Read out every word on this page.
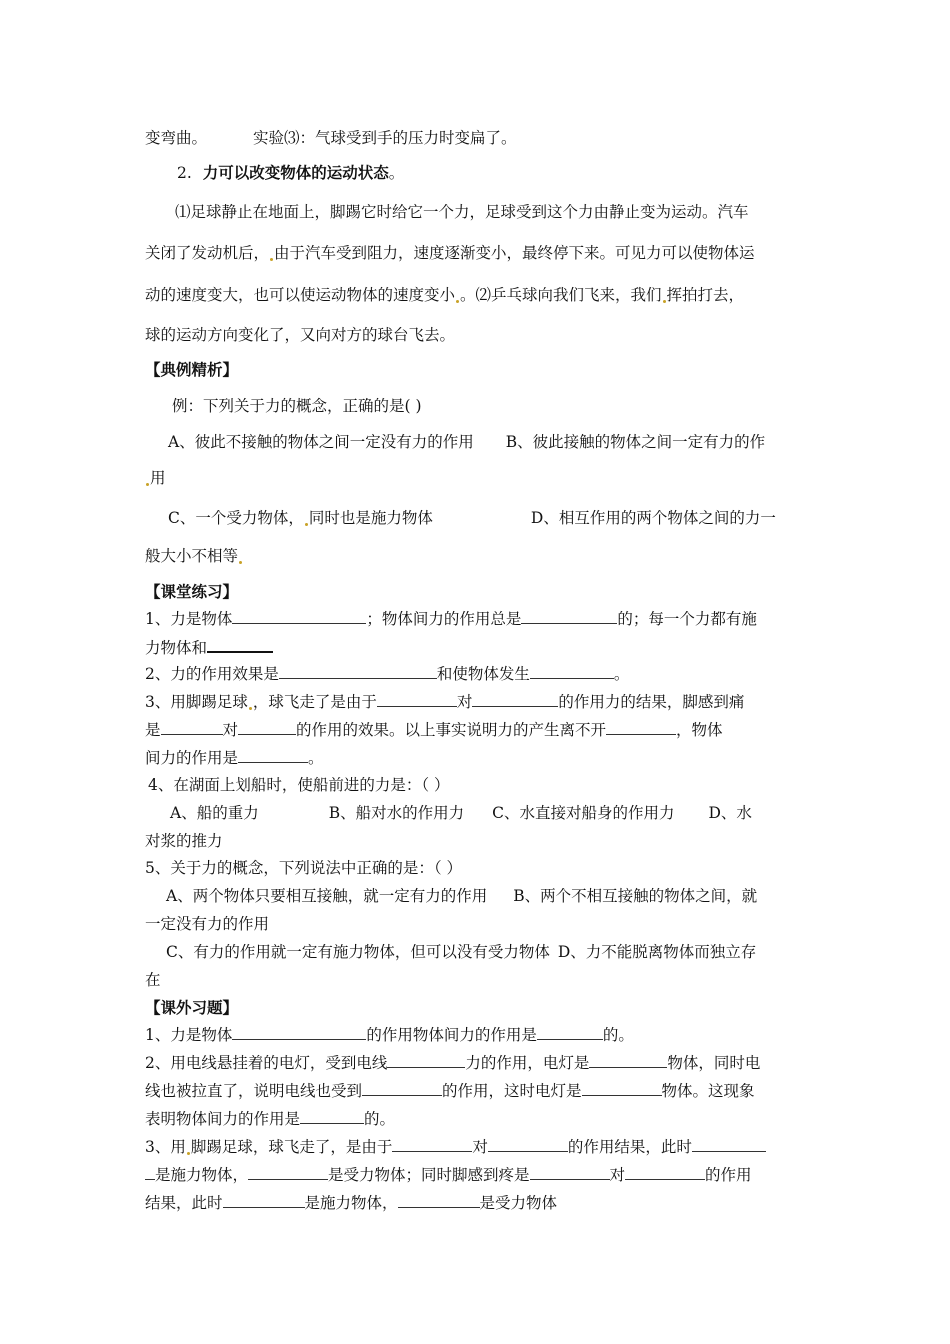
变弯曲。	实验⑶：气球受到手的压力时变扁了。
2. 力可以改变物体的运动状态。
⑴足球静止在地面上，脚踢它时给它一个力，足球受到这个力由静止变为运动。汽车
关闭了发动机后， 由于汽车受到阻力，速度逐渐变小，最终停下来。可见力可以使物体运
动的速度变大，也可以使运动物体的速度变小 。⑵乒乓球向我们飞来，我们 挥拍打去，
球的运动方向变化了，又向对方的球台飞去。
【典例精析】
例：下列关于力的概念，正确的是( )
A、彼此不接触的物体之间一定没有力的作用 B、彼此接触的物体之间一定有力的作
用
C、一个受力物体， 同时也是施力物体	D、相互作用的两个物体之间的力一
般大小不相等
【课堂练习】
1、力是物体	；物体间力的作用总是	的；每一个力都有施
力物体和
2、力的作用效果是	和使物体发生	。
3、用脚踢足球 ，球飞走了是由于	对	的作用力的结果，脚感到痛
是	对	的作用的效果。以上事实说明力的产生离不开	，物体
间力的作用是	。
4、在湖面上划船时，使船前进的力是：（ ）
A、船的重力	B、船对水的作用力 C、水直接对船身的作用力 D、水
对浆的推力
5、关于力的概念，下列说法中正确的是：（ ）
A、两个物体只要相互接触，就一定有力的作用 B、两个不相互接触的物体之间，就
一定没有力的作用
C、有力的作用就一定有施力物体，但可以没有受力物体 D、力不能脱离物体而独立存
在
【课外习题】
1、力是物体	的作用物体间力的作用是	的。
2、用电线悬挂着的电灯，受到电线	力的作用，电灯是	物体，同时电
线也被拉直了，说明电线也受到	的作用，这时电灯是	物体。这现象
表明物体间力的作用是	的。
3、用 脚踢足球，球飞走了，是由于	对	的作用结果，此时
是施力物体，	是受力物体；同时脚感到疼是	对	的作用
结果，此时	是施力物体，	是受力物体
